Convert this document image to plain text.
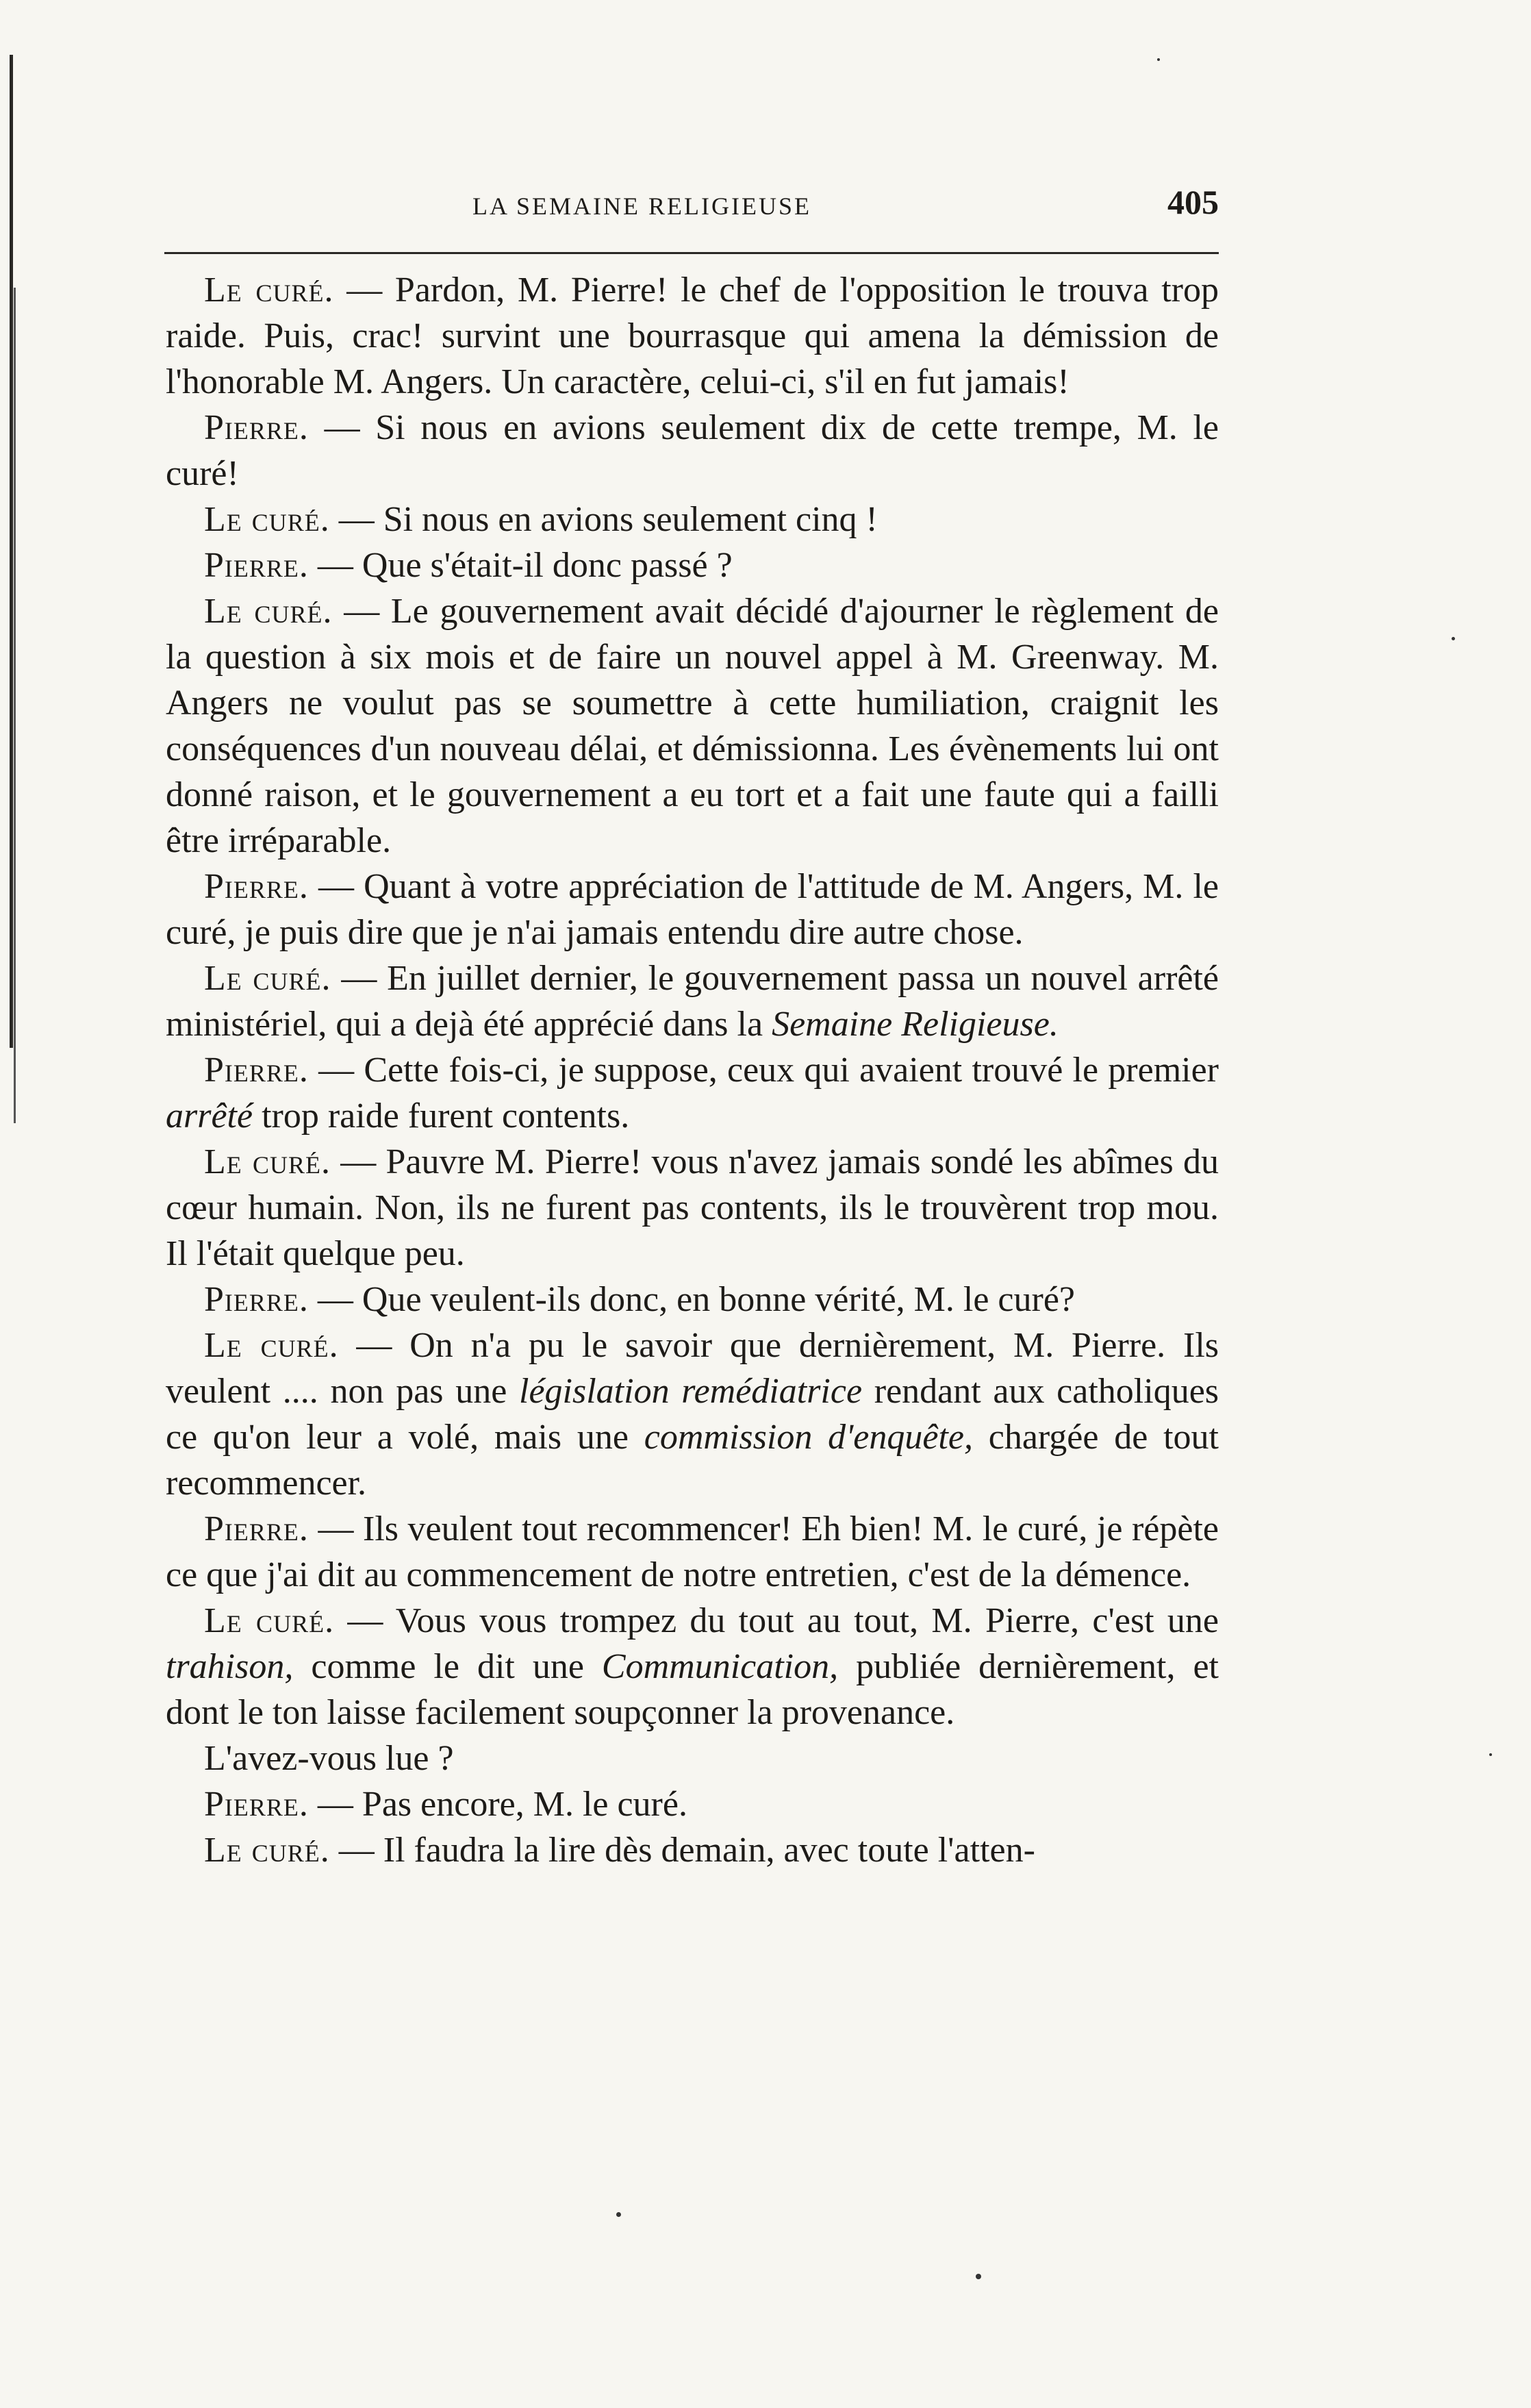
LA SEMAINE RELIGIEUSE	405

Le curé. — Pardon, M. Pierre! le chef de l'opposition le trouva trop raide. Puis, crac! survint une bourrasque qui amena la démission de l'honorable M. Angers. Un caractère, celui-ci, s'il en fut jamais!

Pierre. — Si nous en avions seulement dix de cette trempe, M. le curé!

Le curé. — Si nous en avions seulement cinq !

Pierre. — Que s'était-il donc passé ?

Le curé. — Le gouvernement avait décidé d'ajourner le règlement de la question à six mois et de faire un nouvel appel à M. Greenway. M. Angers ne voulut pas se soumettre à cette humiliation, craignit les conséquences d'un nouveau délai, et démissionna. Les évènements lui ont donné raison, et le gouvernement a eu tort et a fait une faute qui a failli être irréparable.

Pierre. — Quant à votre appréciation de l'attitude de M. Angers, M. le curé, je puis dire que je n'ai jamais entendu dire autre chose.

Le curé. — En juillet dernier, le gouvernement passa un nouvel arrêté ministériel, qui a dejà été apprécié dans la Semaine Religieuse.

Pierre. — Cette fois-ci, je suppose, ceux qui avaient trouvé le premier arrêté trop raide furent contents.

Le curé. — Pauvre M. Pierre! vous n'avez jamais sondé les abîmes du cœur humain. Non, ils ne furent pas contents, ils le trouvèrent trop mou. Il l'était quelque peu.

Pierre. — Que veulent-ils donc, en bonne vérité, M. le curé?

Le curé. — On n'a pu le savoir que dernièrement, M. Pierre. Ils veulent .... non pas une législation remédiatrice rendant aux catholiques ce qu'on leur a volé, mais une commission d'enquête, chargée de tout recommencer.

Pierre. — Ils veulent tout recommencer! Eh bien! M. le curé, je répète ce que j'ai dit au commencement de notre entretien, c'est de la démence.

Le curé. — Vous vous trompez du tout au tout, M. Pierre, c'est une trahison, comme le dit une Communication, publiée dernièrement, et dont le ton laisse facilement soupçonner la provenance.

L'avez-vous lue ?

Pierre. — Pas encore, M. le curé.

Le curé. — Il faudra la lire dès demain, avec toute l'atten-
